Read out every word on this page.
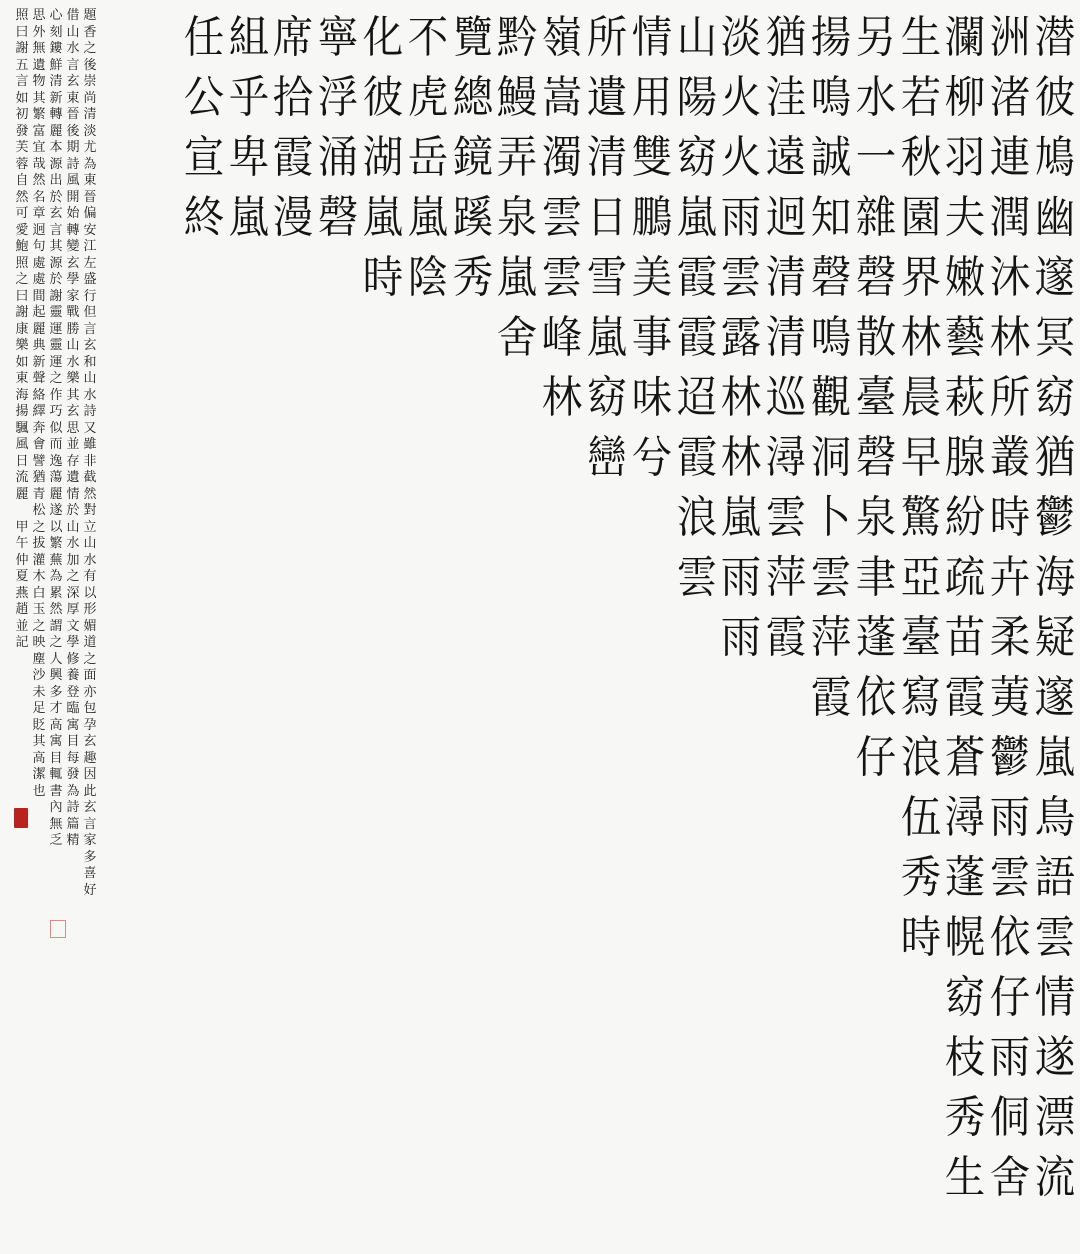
潜
彼
鳩
幽
邃
冥
窈
猶
鬱
海
疑
邃
嵐
鳥
語
雲
情
遂
漂
流
洲
渚
連
潤
沐
林
所
叢
時
卉
柔
荑
鬱
雨
雲
依
仔
雨
侗
舍
瀾
柳
羽
夫
嫩
藝
萩
腺
紛
疏
苗
霞
蒼
潯
蓬
幌
窈
枝
秀
生
生
若
秋
園
界
林
晨
早
驚
亞
臺
寫
浪
伍
秀
時
另
水
一
雜
磬
散
臺
磬
泉
聿
蓬
依
仔
揚
鳴
誠
知
磬
鳴
觀
洞
卜
雲
萍
霞
猶
洼
遠
迥
清
清
巡
潯
雲
萍
霞
淡
火
火
雨
雲
露
林
林
嵐
雨
雨
山
陽
窈
嵐
霞
霞
迢
霞
浪
雲
情
用
雙
鵬
美
事
味
兮
所
遺
清
日
雪
嵐
窈
巒
嶺
嵩
濁
雲
雲
峰
林
黔
鰻
弄
泉
嵐
舍
覽
總
鏡
蹊
秀
不
虎
岳
嵐
陰
化
彼
湖
嵐
時
寧
浮
涌
磬
席
拾
霞
漫
組
乎
卑
嵐
任
公
宣
終
題
香
之
後
崇
尚
清
淡
尤
為
東
晉
偏
安
江
左
盛
行
但
言
玄
和
山
水
詩
又
雖
非
截
然
對
立
山
水
有
以
形
媚
道
之
面
亦
包
孕
玄
趣
因
此
玄
言
家
多
喜
好
借
山
水
言
玄
東
晉
後
期
詩
風
開
始
轉
變
玄
學
家
戰
勝
山
水
樂
其
玄
思
並
存
遺
情
於
山
水
加
之
深
厚
文
學
修
養
登
臨
寓
目
每
發
為
詩
篇
精
心
刻
鏤
鮮
清
新
轉
麗
本
源
出
於
玄
言
其
源
於
謝
靈
運
靈
運
之
作
巧
似
而
逸
蕩
麗
遂
以
繁
蕪
為
累
然
謂
之
人
興
多
才
高
寓
目
輒
書
內
無
乏
思
外
無
遺
物
其
繁
富
宜
哉
然
名
章
迥
句
處
處
間
起
麗
典
新
聲
絡
繹
奔
會
譬
猶
青
松
之
拔
灌
木
白
玉
之
映
塵
沙
未
足
貶
其
高
潔
也
照
曰
謝
五
言
如
初
發
芙
蓉
自
然
可
愛
鮑
照
之
曰
謝
康
樂
如
東
海
揚
颿
風
日
流
麗
甲
午
仲
夏
燕
趙
並
記
